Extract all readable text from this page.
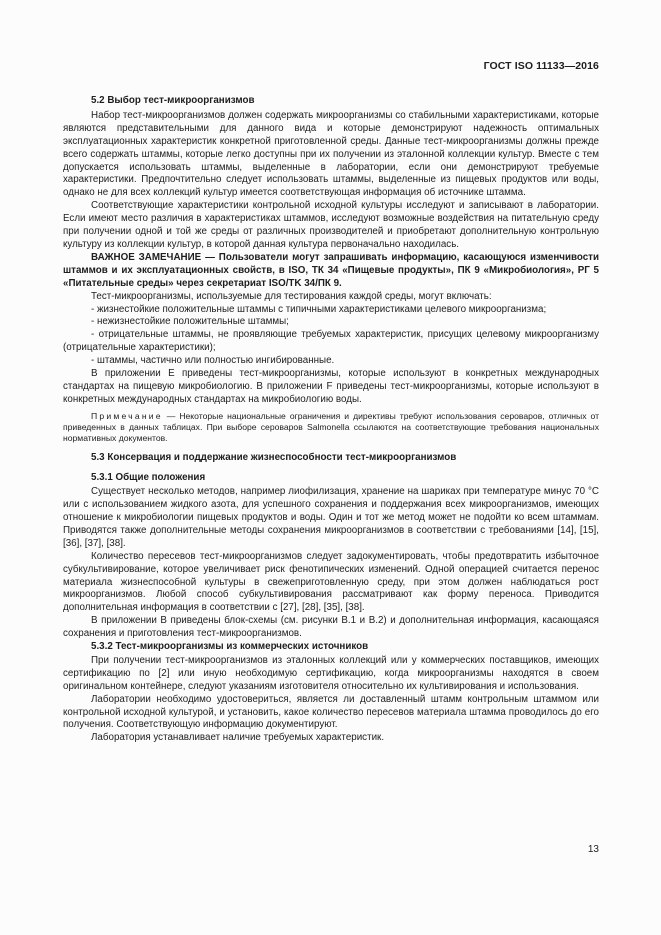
ГОСТ ISO 11133—2016

5.2 Выбор тест-микроорганизмов

Набор тест-микроорганизмов должен содержать микроорганизмы со стабильными характеристиками, которые являются представительными для данного вида и которые демонстрируют надежность оптимальных эксплуатационных характеристик конкретной приготовленной среды. Данные тест-микроорганизмы должны прежде всего содержать штаммы, которые легко доступны при их получении из эталонной коллекции культур. Вместе с тем допускается использовать штаммы, выделенные в лаборатории, если они демонстрируют требуемые характеристики. Предпочтительно следует использовать штаммы, выделенные из пищевых продуктов или воды, однако не для всех коллекций культур имеется соответствующая информация об источнике штамма.

Соответствующие характеристики контрольной исходной культуры исследуют и записывают в лаборатории. Если имеют место различия в характеристиках штаммов, исследуют возможные воздействия на питательную среду при получении одной и той же среды от различных производителей и приобретают дополнительную контрольную культуру из коллекции культур, в которой данная культура первоначально находилась.

ВАЖНОЕ ЗАМЕЧАНИЕ — Пользователи могут запрашивать информацию, касающуюся изменчивости штаммов и их эксплуатационных свойств, в ISO, ТК 34 «Пищевые продукты», ПК 9 «Микробиология», РГ 5 «Питательные среды» через секретариат ISO/TK 34/ПК 9.

Тест-микроорганизмы, используемые для тестирования каждой среды, могут включать:

- жизнестойкие положительные штаммы с типичными характеристиками целевого микроорганизма;

- нежизнестойкие положительные штаммы;

- отрицательные штаммы, не проявляющие требуемых характеристик, присущих целевому микроорганизму (отрицательные характеристики);

- штаммы, частично или полностью ингибированные.

В приложении Е приведены тест-микроорганизмы, которые используют в конкретных международных стандартах на пищевую микробиологию. В приложении F приведены тест-микроорганизмы, которые используют в конкретных международных стандартах на микробиологию воды.

Примечание — Некоторые национальные ограничения и директивы требуют использования сероваров, отличных от приведенных в данных таблицах. При выборе сероваров Salmonella ссылаются на соответствующие требования национальных нормативных документов.

5.3 Консервация и поддержание жизнеспособности тест-микроорганизмов

5.3.1 Общие положения

Существует несколько методов, например лиофилизация, хранение на шариках при температуре минус 70 °С или с использованием жидкого азота, для успешного сохранения и поддержания всех микроорганизмов, имеющих отношение к микробиологии пищевых продуктов и воды. Один и тот же метод может не подойти ко всем штаммам. Приводятся также дополнительные методы сохранения микроорганизмов в соответствии с требованиями [14], [15], [36], [37], [38].

Количество пересевов тест-микроорганизмов следует задокументировать, чтобы предотвратить избыточное субкультивирование, которое увеличивает риск фенотипических изменений. Одной операцией считается перенос материала жизнеспособной культуры в свежеприготовленную среду, при этом должен наблюдаться рост микроорганизмов. Любой способ субкультивирования рассматривают как форму переноса. Приводится дополнительная информация в соответствии с [27], [28], [35], [38].

В приложении В приведены блок-схемы (см. рисунки В.1 и В.2) и дополнительная информация, касающаяся сохранения и приготовления тест-микроорганизмов.

5.3.2 Тест-микроорганизмы из коммерческих источников

При получении тест-микроорганизмов из эталонных коллекций или у коммерческих поставщиков, имеющих сертификацию по [2] или иную необходимую сертификацию, когда микроорганизмы находятся в своем оригинальном контейнере, следуют указаниям изготовителя относительно их культивирования и использования.

Лаборатории необходимо удостовериться, является ли доставленный штамм контрольным штаммом или контрольной исходной культурой, и установить, какое количество пересевов материала штамма проводилось до его получения. Соответствующую информацию документируют.

Лаборатория устанавливает наличие требуемых характеристик.

13
